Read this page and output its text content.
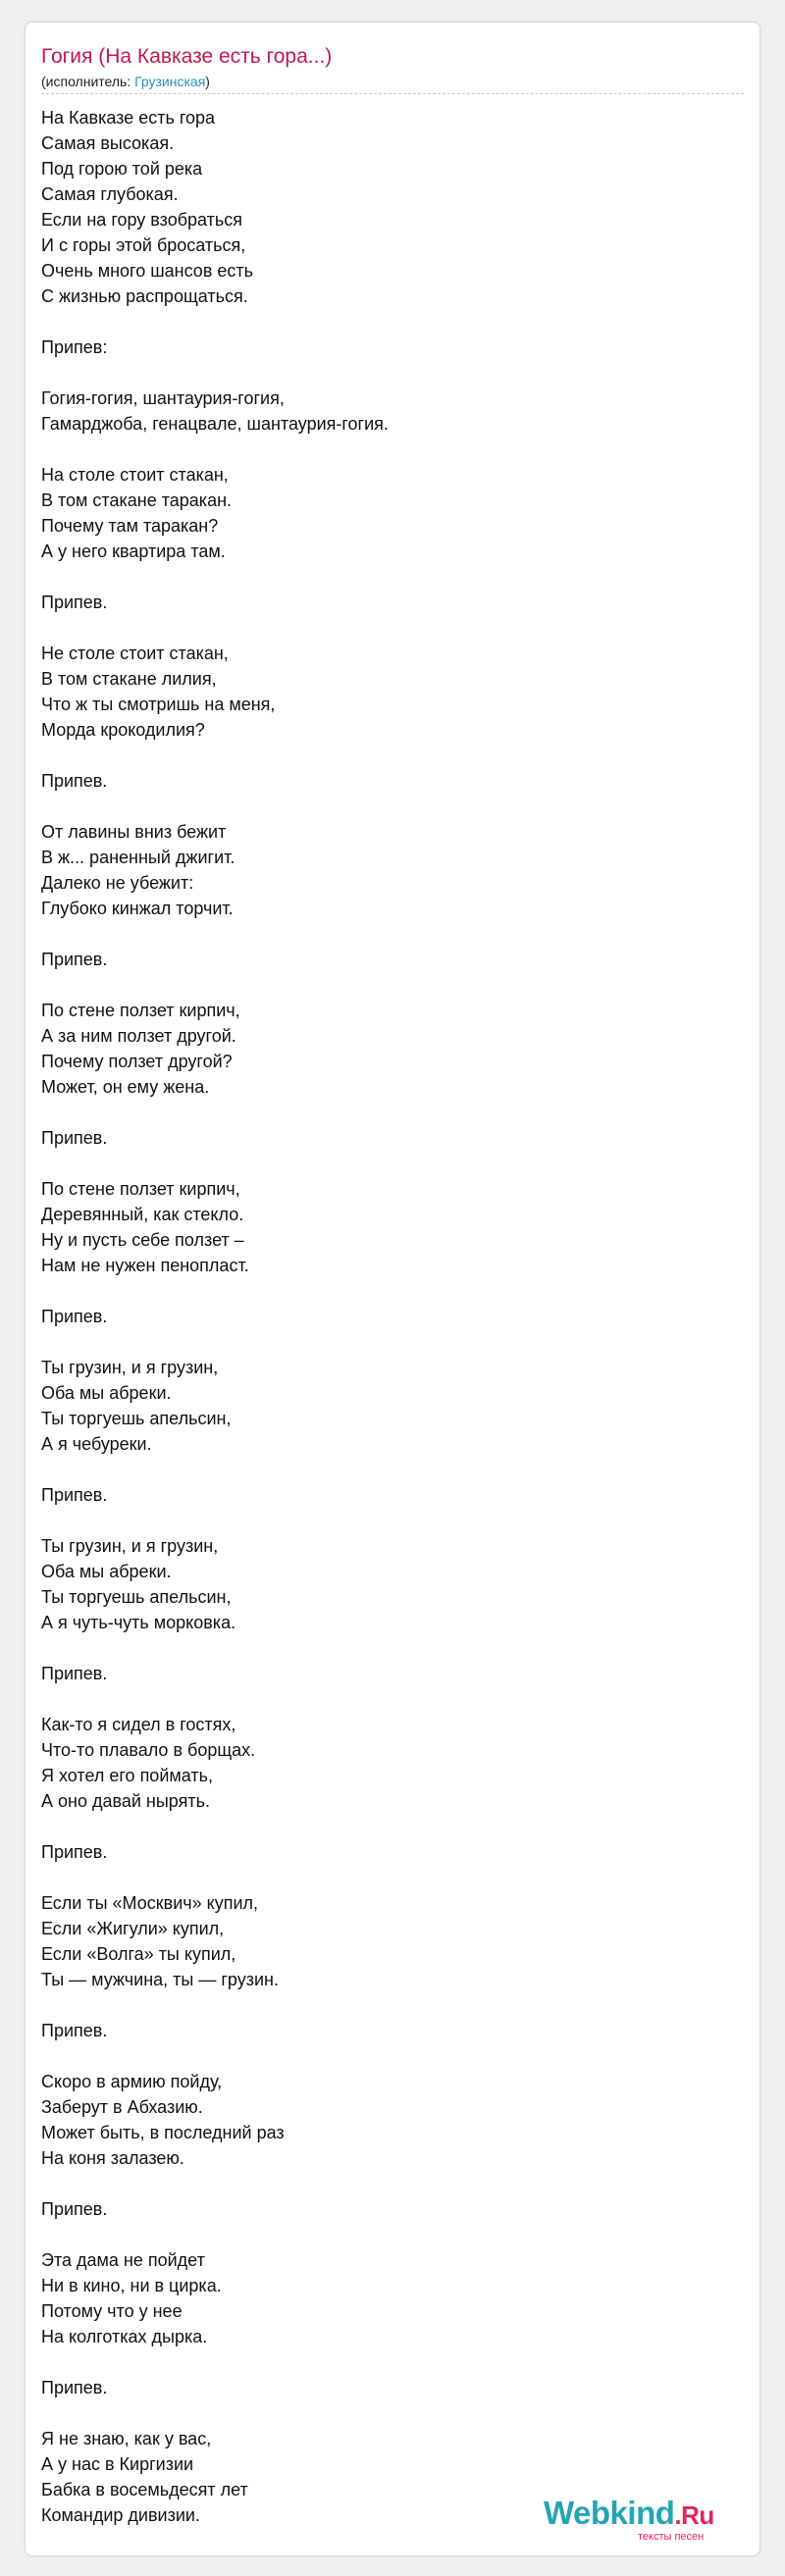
Гогия (На Кавказе есть гора...)
(исполнитель: Грузинская)
На Кавказе есть гора
Самая высокая.
Под горою той река
Самая глубокая.
Если на гору взобраться
И с горы этой бросаться,
Очень много шансов есть
С жизнью распрощаться.

Припев:

Гогия-гогия, шантаурия-гогия,
Гамарджоба, генацвале, шантаурия-гогия.

На столе стоит стакан,
В том стакане таракан.
Почему там таракан?
А у него квартира там.

Припев.

Не столе стоит стакан,
В том стакане лилия,
Что ж ты смотришь на меня,
Морда крокодилия?

Припев.

От лавины вниз бежит
В ж... раненный джигит.
Далеко не убежит:
Глубоко кинжал торчит.

Припев.

По стене ползет кирпич,
А за ним ползет другой.
Почему ползет другой?
Может, он ему жена.

Припев.

По стене ползет кирпич,
Деревянный, как стекло.
Ну и пусть себе ползет –
Нам не нужен пенопласт.

Припев.

Ты грузин, и я грузин,
Оба мы абреки.
Ты торгуешь апельсин,
А я чебуреки.

Припев.

Ты грузин, и я грузин,
Оба мы абреки.
Ты торгуешь апельсин,
А я чуть-чуть морковка.

Припев.

Как-то я сидел в гостях,
Что-то плавало в борщах.
Я хотел его поймать,
А оно давай нырять.

Припев.

Если ты «Москвич» купил,
Если «Жигули» купил,
Если «Волга» ты купил,
Ты — мужчина, ты — грузин.

Припев.

Скоро в армию пойду,
Заберут в Абхазию.
Может быть, в последний раз
На коня залазею.

Припев.

Эта дама не пойдет
Ни в кино, ни в цирка.
Потому что у нее
На колготках дырка.

Припев.

Я не знаю, как у вас,
А у нас в Киргизии
Бабка в восемьдесят лет
Командир дивизии.	Webkind.Ru
тексты песен
